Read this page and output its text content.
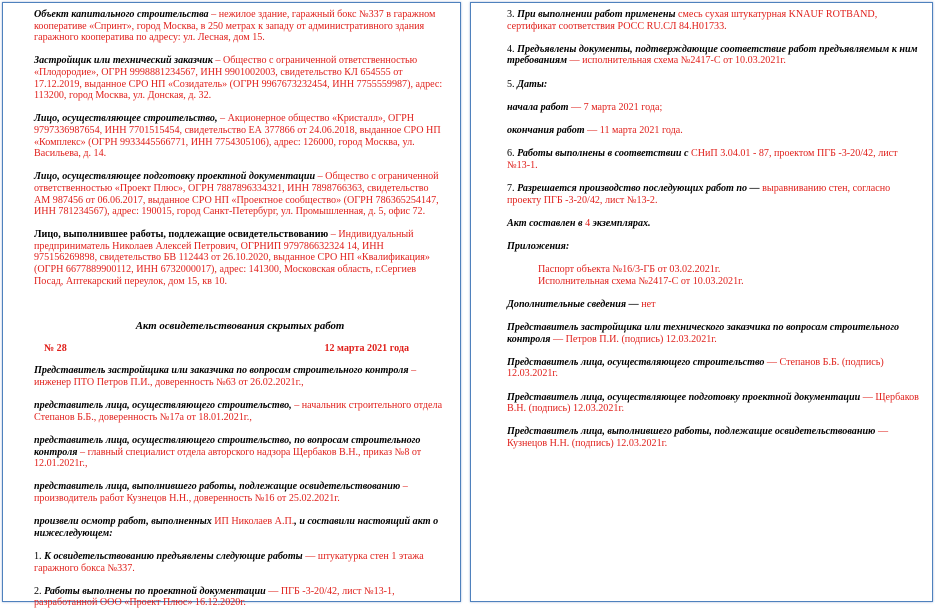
Объект капитального строительства – нежилое здание, гаражный бокс №337 в гаражном кооперативе «Спринт», город Москва, в 250 метрах к западу от административного здания гаражного кооператива по адресу: ул. Лесная, дом 15.

Застройщик или технический заказчик – Общество с ограниченной ответственностью «Плодородие», ОГРН 9998881234567, ИНН 9901002003, свидетельство КЛ 654555 от 17.12.2019, выданное СРО НП «Созидатель» (ОГРН 9967673232454, ИНН 7755559987), адрес: 113200, город Москва, ул. Донская, д. 32.

Лицо, осуществляющее строительство, – Акционерное общество «Кристалл», ОГРН 9797336987654, ИНН 7701515454, свидетельство ЕА 377866 от 24.06.2018, выданное СРО НП «Комплекс» (ОГРН 9933445566771, ИНН 7754305106), адрес: 126000, город Москва, ул. Васильева, д. 14.

Лицо, осуществляющее подготовку проектной документации – Общество с ограниченной ответственностью «Проект Плюс», ОГРН 7887896334321, ИНН 7898766363, свидетельство АМ 987456 от 06.06.2017, выданное СРО НП «Проектное сообщество» (ОГРН 786365254147, ИНН 781234567), адрес: 190015, город Санкт-Петербург, ул. Промышленная, д. 5, офис 72.

Лицо, выполнившее работы, подлежащие освидетельствованию – Индивидуальный предприниматель Николаев Алексей Петрович, ОГРНИП 979786632324 14, ИНН 975156269898, свидетельство БВ 112443 от 26.10.2020, выданное СРО НП «Квалификация» (ОГРН 6677889900112, ИНН 6732000017), адрес: 141300, Московская область, г.Сергиев Посад, Аптекарский переулок, дом 15, кв 10.

Акт освидетельствования скрытых работ

№ 28	12 марта 2021 года

Представитель застройщика или заказчика по вопросам строительного контроля – инженер ПТО Петров П.И., доверенность №63 от 26.02.2021г.,

представитель лица, осуществляющего строительство, – начальник строительного отдела Степанов Б.Б., доверенность №17а от 18.01.2021г.,

представитель лица, осуществляющего строительство, по вопросам строительного контроля – главный специалист отдела авторского надзора Щербаков В.Н., приказ №8 от 12.01.2021г.,

представитель лица, выполнившего работы, подлежащие освидетельствованию – производитель работ Кузнецов Н.Н., доверенность №16 от 25.02.2021г.

произвели осмотр работ, выполненных ИП Николаев А.П., и составили настоящий акт о нижеследующем:

1. К освидетельствованию предъявлены следующие работы — штукатурка стен 1 этажа гаражного бокса №337.

2. Работы выполнены по проектной документации — ПГБ -3-20/42, лист №13-1, разработанной ООО «Проект Плюс» 16.12.2020г.

3. При выполнении работ применены смесь сухая штукатурная KNAUF ROTBAND, сертификат соответствия РОСС RU.СЛ 84.Н01733.

4. Предъявлены документы, подтверждающие соответствие работ предъявляемым к ним требованиям — исполнительная схема №2417-С от 10.03.2021г.

5. Даты:

начала работ — 7 марта 2021 года;

окончания работ — 11 марта 2021 года.

6. Работы выполнены в соответствии с СНиП 3.04.01 - 87, проектом ПГБ -3-20/42, лист №13-1.

7. Разрешается производство последующих работ по — выравниванию стен, согласно проекту ПГБ -3-20/42, лист №13-2.

Акт составлен в 4 экземплярах.

Приложения:

Паспорт объекта №16/3-ГБ от 03.02.2021г.

Исполнительная схема №2417-С от 10.03.2021г.

Дополнительные сведения — нет

Представитель застройщика или технического заказчика по вопросам строительного контроля — Петров П.И. (подпись) 12.03.2021г.

Представитель лица, осуществляющего строительство — Степанов Б.Б. (подпись) 12.03.2021г.

Представитель лица, осуществляющее подготовку проектной документации — Щербаков В.Н. (подпись) 12.03.2021г.

Представитель лица, выполнившего работы, подлежащие освидетельствованию — Кузнецов Н.Н. (подпись) 12.03.2021г.
